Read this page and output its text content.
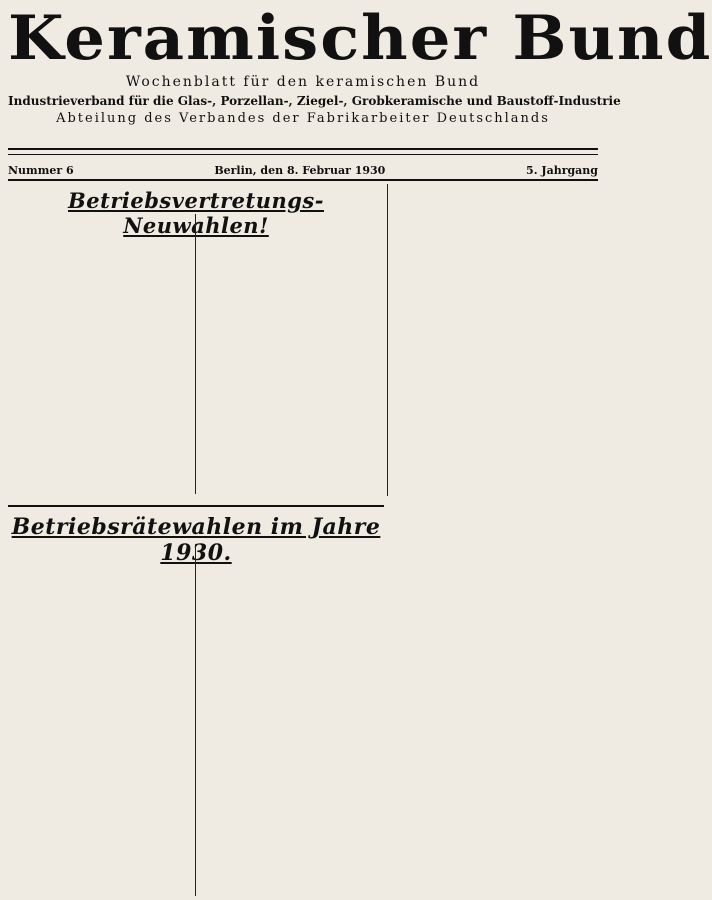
Keramischer Bund
Wochenblatt für den keramischen Bund
Industrieverband für die Glas-, Porzellan-, Ziegel-, Grobkeramische und Baustoff-Industrie
Abteilung des Verbandes der Fabrikarbeiter Deutschlands
Nummer 6	Berlin, den 8. Februar 1930	5. Jahrgang
Betriebsvertretungs-Neuwahlen!
Betriebsrätewahlen im Jahre 1930.
